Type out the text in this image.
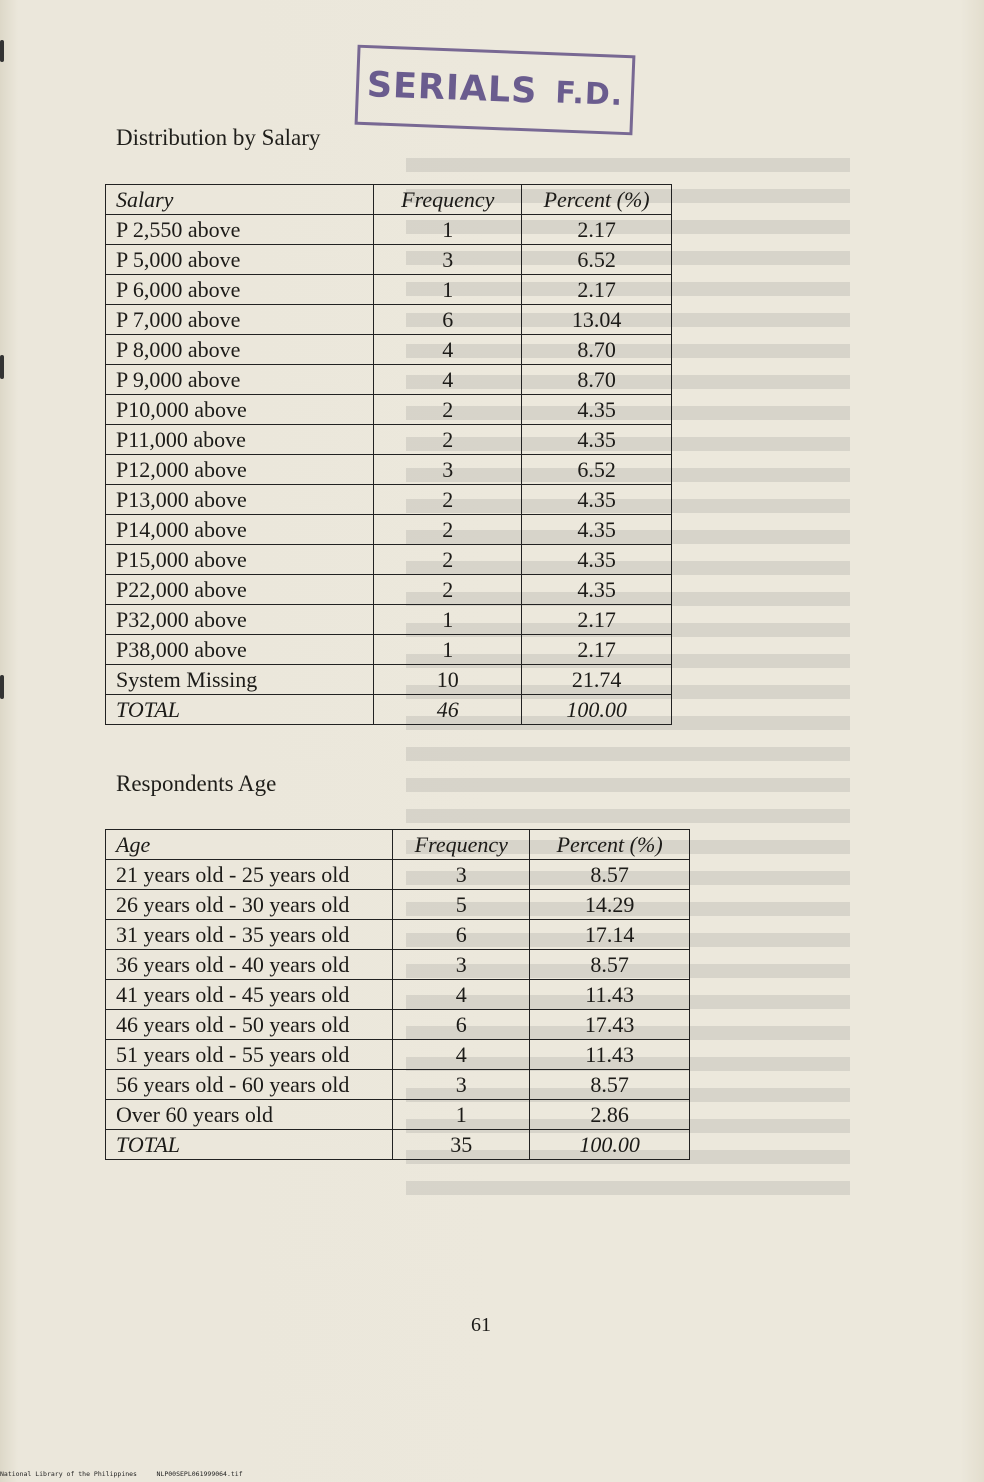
SERIALS F.D.
Distribution by Salary
Salary	Frequency	Percent (%)
P 2,550 above	1	2.17
P 5,000 above	3	6.52
P 6,000 above	1	2.17
P 7,000 above	6	13.04
P 8,000 above	4	8.70
P 9,000 above	4	8.70
P10,000 above	2	4.35
P11,000 above	2	4.35
P12,000 above	3	6.52
P13,000 above	2	4.35
P14,000 above	2	4.35
P15,000 above	2	4.35
P22,000 above	2	4.35
P32,000 above	1	2.17
P38,000 above	1	2.17
System Missing	10	21.74
TOTAL	46	100.00
Respondents Age
Age	Frequency	Percent (%)
21 years old - 25 years old	3	8.57
26 years old - 30 years old	5	14.29
31 years old - 35 years old	6	17.14
36 years old - 40 years old	3	8.57
41 years old - 45 years old	4	11.43
46 years old - 50 years old	6	17.43
51 years old - 55 years old	4	11.43
56 years old - 60 years old	3	8.57
Over 60 years old	1	2.86
TOTAL	35	100.00
61
National Library of the Philippines     NLP00SEPL061999064.tif
